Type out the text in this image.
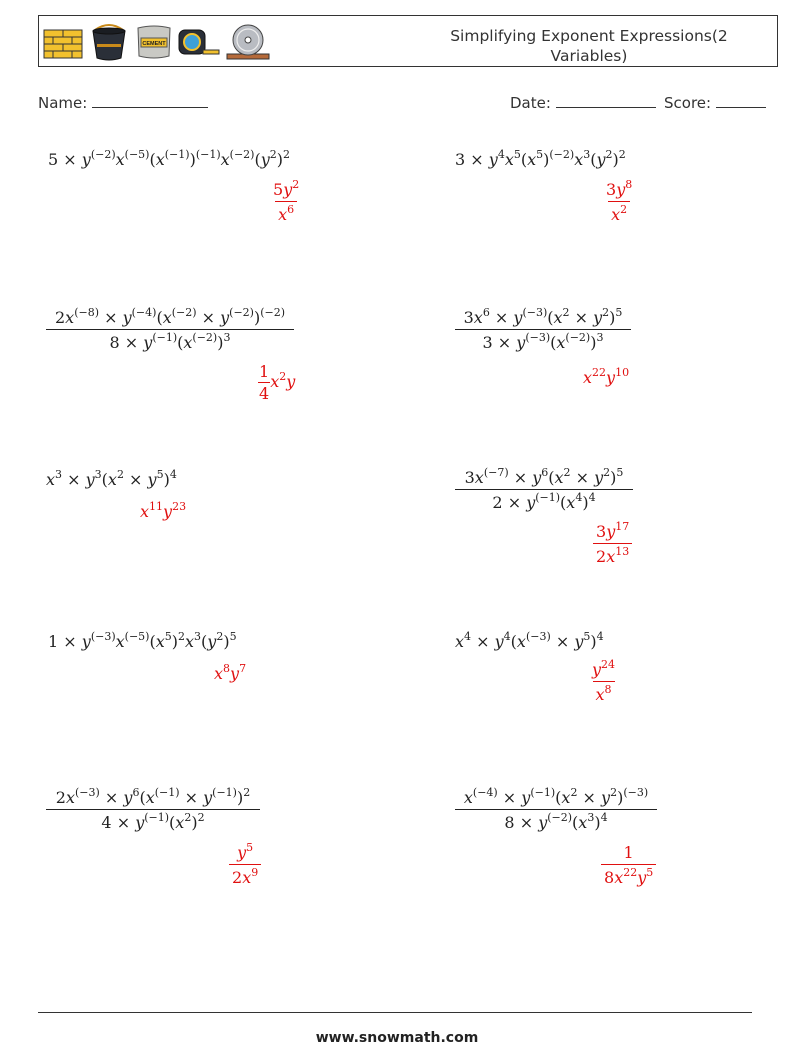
CEMENT	Simplifying Exponent Expressions(2 Variables)
Name:	Date:	Score:
$5 \times y^{(-2)}x^{(-5)}(x^{(-1)})^{(-1)}x^{(-2)}(y^2)^2$
$\frac{5y^2}{x^6}$
$3 \times y^4x^5(x^5)^{(-2)}x^3(y^2)^2$
$\frac{3y^8}{x^2}$
$\frac{2x^{(-8)} \times y^{(-4)}(x^{(-2)} \times y^{(-2)})^{(-2)}}{8 \times y^{(-1)}(x^{(-2)})^3}$
$\frac{1}{4} x^2y$
$\frac{3x^6 \times y^{(-3)}(x^2 \times y^2)^5}{3 \times y^{(-3)}(x^{(-2)})^3}$
$x^{22}y^{10}$
$x^3 \times y^3(x^2 \times y^5)^4$
$x^{11}y^{23}$	$\frac{3x^{(-7)} \times y^6(x^2 \times y^2)^5}{2 \times y^{(-1)}(x^4)^4}$
$\frac{3y^{17}}{2x^{13}}$
$1 \times y^{(-3)}x^{(-5)}(x^5)^2x^3(y^2)^5$
$x^8y^7$
$x^4 \times y^4(x^{(-3)} \times y^5)^4$
$\frac{y^{24}}{x^8}$
$\frac{2x^{(-3)} \times y^6(x^{(-1)} \times y^{(-1)})^2}{4 \times y^{(-1)}(x^2)^2}$
$\frac{y^5}{2x^9}$
$\frac{x^{(-4)} \times y^{(-1)}(x^2 \times y^2)^{(-3)}}{8 \times y^{(-2)}(x^3)^4}$
$\frac{1}{8x^{22}y^5}$
www.snowmath.com
